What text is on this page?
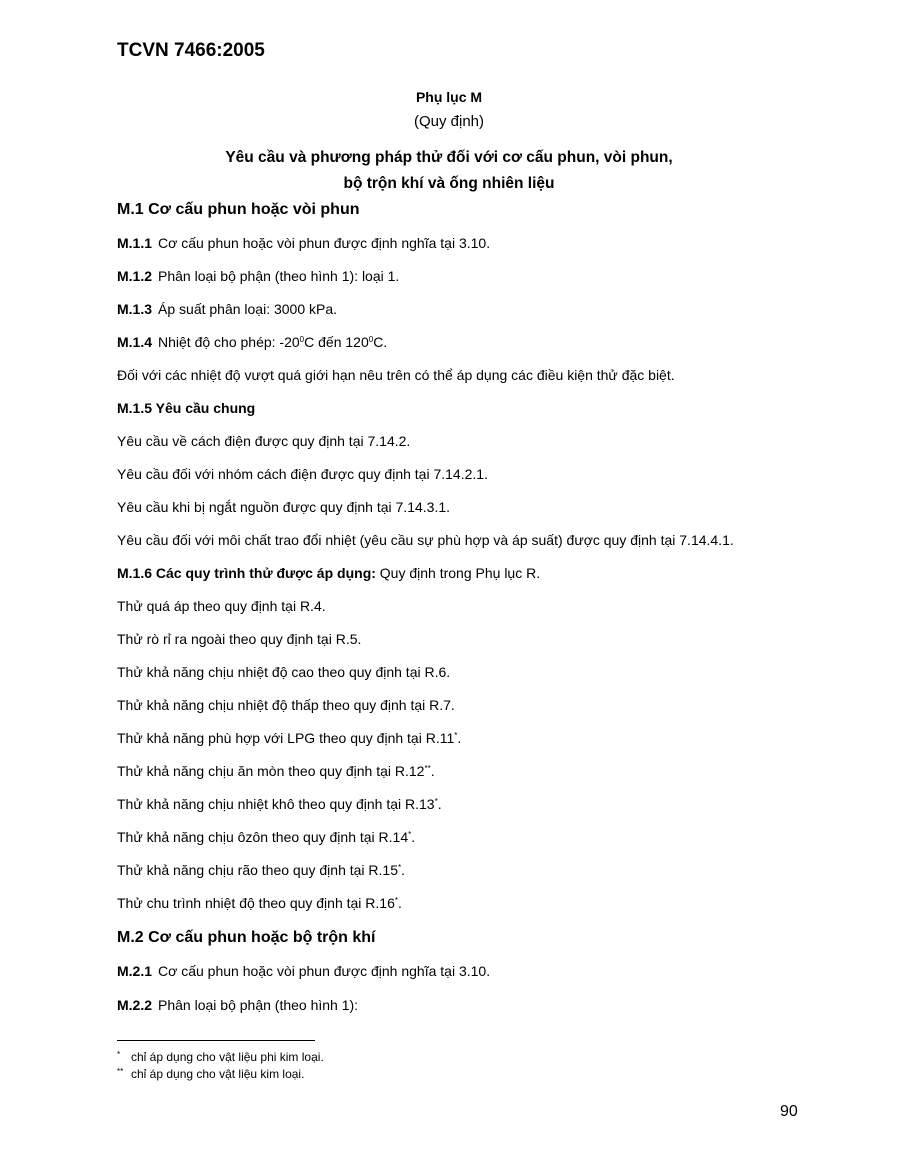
TCVN 7466:2005
Phụ lục M
(Quy định)
Yêu cầu và phương pháp thử đối với cơ cấu phun, vòi phun,
bộ trộn khí và ống nhiên liệu
M.1 Cơ cấu phun hoặc vòi phun
M.1.1 Cơ cấu phun hoặc vòi phun được định nghĩa tại 3.10.
M.1.2 Phân loại bộ phận (theo hình 1): loại 1.
M.1.3 Áp suất phân loại: 3000 kPa.
M.1.4 Nhiệt độ cho phép: $-20^0C$ đến $120^0C$.
Đối với các nhiệt độ vượt quá giới hạn nêu trên có thể áp dụng các điều kiện thử đặc biệt.
M.1.5 Yêu cầu chung
Yêu cầu về cách điện được quy định tại 7.14.2.
Yêu cầu đối với nhóm cách điện được quy định tại 7.14.2.1.
Yêu cầu khi bị ngắt nguồn được quy định tại 7.14.3.1.
Yêu cầu đối với môi chất trao đổi nhiệt (yêu cầu sự phù hợp và áp suất) được quy định tại 7.14.4.1.
M.1.6 Các quy trình thử được áp dụng: Quy định trong Phụ lục R.
Thử quá áp theo quy định tại R.4.
Thử rò rỉ ra ngoài theo quy định tại R.5.
Thử khả năng chịu nhiệt độ cao theo quy định tại R.6.
Thử khả năng chịu nhiệt độ thấp theo quy định tại R.7.
Thử khả năng phù hợp với LPG theo quy định tại R.11*.
Thử khả năng chịu ăn mòn theo quy định tại R.12**.
Thử khả năng chịu nhiệt khô theo quy định tại R.13*.
Thử khả năng chịu ôzôn theo quy định tại R.14*.
Thử khả năng chịu rão theo quy định tại R.15*.
Thử chu trình nhiệt độ theo quy định tại R.16*.
M.2 Cơ cấu phun hoặc bộ trộn khí
M.2.1 Cơ cấu phun hoặc vòi phun được định nghĩa tại 3.10.
M.2.2 Phân loại bộ phận (theo hình 1):
* chỉ áp dụng cho vật liệu phi kim loại.
** chỉ áp dụng cho vật liệu kim loại.
90
